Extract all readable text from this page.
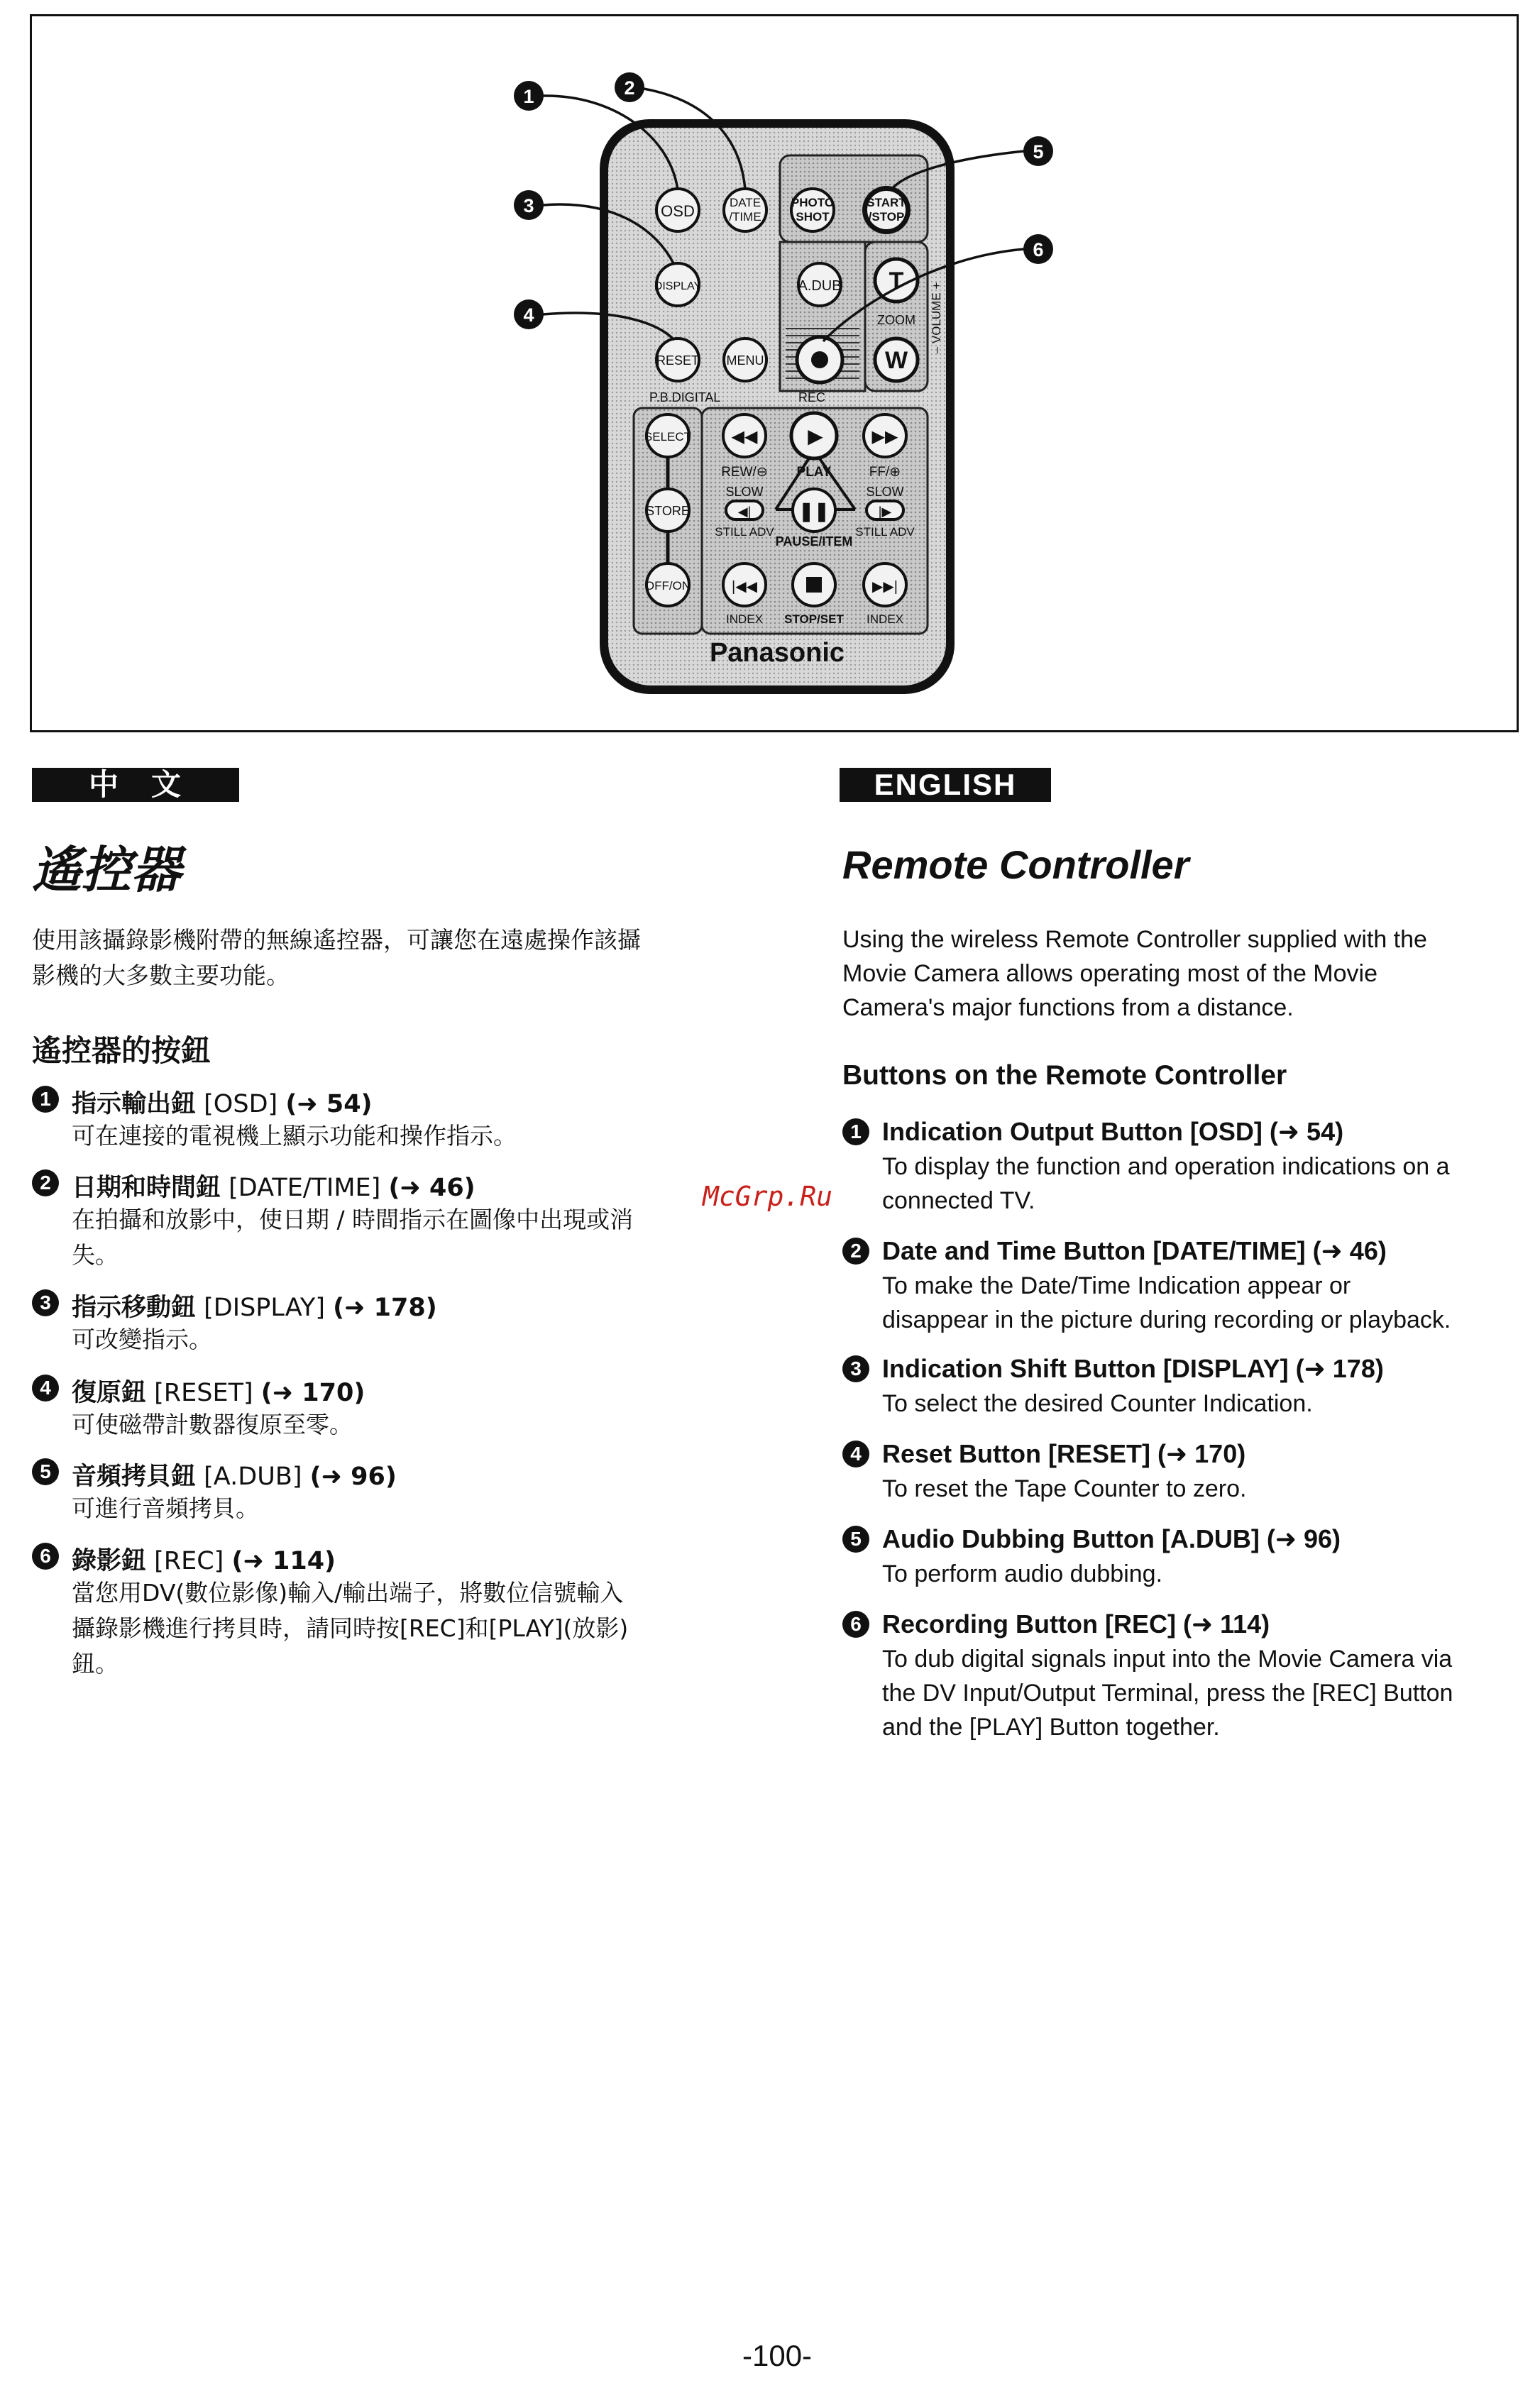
OSD	DATE
/TIME
PHOTO
SHOT
START
/STOP
DISPLAY	A.DUB T
ZOOM
W
– VOLUME +
RESET MENU
P.B.DIGITAL	REC
SELECT
STORE
OFF/ON
◀◀	▶	▶▶
REW/⊖ PLAY	FF/⊕
SLOW	SLOW
◀|	❚❚	|▶
STILL ADV	STILL ADV
PAUSE/ITEM
|◀◀	▶▶|
INDEX STOP/SET INDEX
Panasonic
1	2
3
4
5
6
中　文
遙控器
使用該攝錄影機附帶的無線遙控器，可讓您在遠處操作該攝
影機的大多數主要功能。
遙控器的按鈕
1 指示輸出鈕 [OSD] (➜ 54)
可在連接的電視機上顯示功能和操作指示。
2 日期和時間鈕 [DATE/TIME] (➜ 46)
在拍攝和放影中，使日期 / 時間指示在圖像中出現或消
失。
3 指示移動鈕 [DISPLAY] (➜ 178)
可改變指示。
4 復原鈕 [RESET] (➜ 170)
可使磁帶計數器復原至零。
5 音頻拷貝鈕 [A.DUB] (➜ 96)
可進行音頻拷貝。
6 錄影鈕 [REC] (➜ 114)
當您用DV(數位影像)輸入/輸出端子，將數位信號輸入
攝錄影機進行拷貝時，請同時按[REC]和[PLAY](放影)
鈕。
ENGLISH
Remote Controller
Using the wireless Remote Controller supplied with the
Movie Camera allows operating most of the Movie
Camera's major functions from a distance.
Buttons on the Remote Controller
1 Indication Output Button [OSD] (➜ 54)
To display the function and operation indications on a
connected TV.
2 Date and Time Button [DATE/TIME] (➜ 46)
To make the Date/Time Indication appear or
disappear in the picture during recording or playback.
3 Indication Shift Button [DISPLAY] (➜ 178)
To select the desired Counter Indication.
4 Reset Button [RESET] (➜ 170)
To reset the Tape Counter to zero.
5 Audio Dubbing Button [A.DUB] (➜ 96)
To perform audio dubbing.
6 Recording Button [REC] (➜ 114)
To dub digital signals input into the Movie Camera via
the DV Input/Output Terminal, press the [REC] Button
and the [PLAY] Button together.
McGrp.Ru
-100-
